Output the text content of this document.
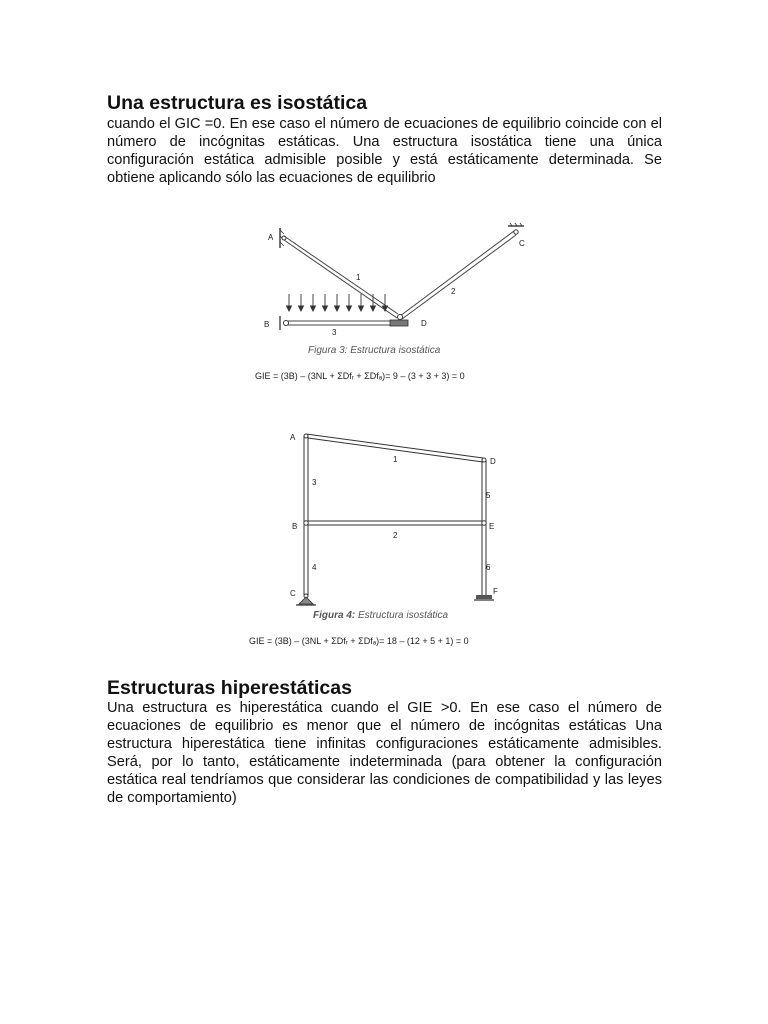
Una estructura es isostática

cuando el GIC =0. En ese caso el número de ecuaciones de equilibrio coincide con el número de incógnitas estáticas. Una estructura isostática tiene una única configuración estática admisible posible y está estáticamente determinada. Se obtiene aplicando sólo las ecuaciones de equilibrio

A
B
C
D
1
2
3
Figura 3: Estructura isostática
GIE = (3B) – (3NL + ΣDfᵣ + ΣDfₐ)= 9 – (3 + 3 + 3) = 0
A
B
C
D
E
F
1
2
3
4
5
6
Figura 4: Estructura isostática
GIE = (3B) – (3NL + ΣDfᵣ + ΣDfₐ)= 18 – (12 + 5 + 1) = 0
Estructuras hiperestáticas

Una estructura es hiperestática cuando el GIE >0. En ese caso el número de ecuaciones de equilibrio es menor que el número de incógnitas estáticas Una estructura hiperestática tiene infinitas configuraciones estáticamente admisibles. Será, por lo tanto, estáticamente indeterminada (para obtener la configuración estática real tendríamos que considerar las condiciones de compatibilidad y las leyes de comportamiento)
